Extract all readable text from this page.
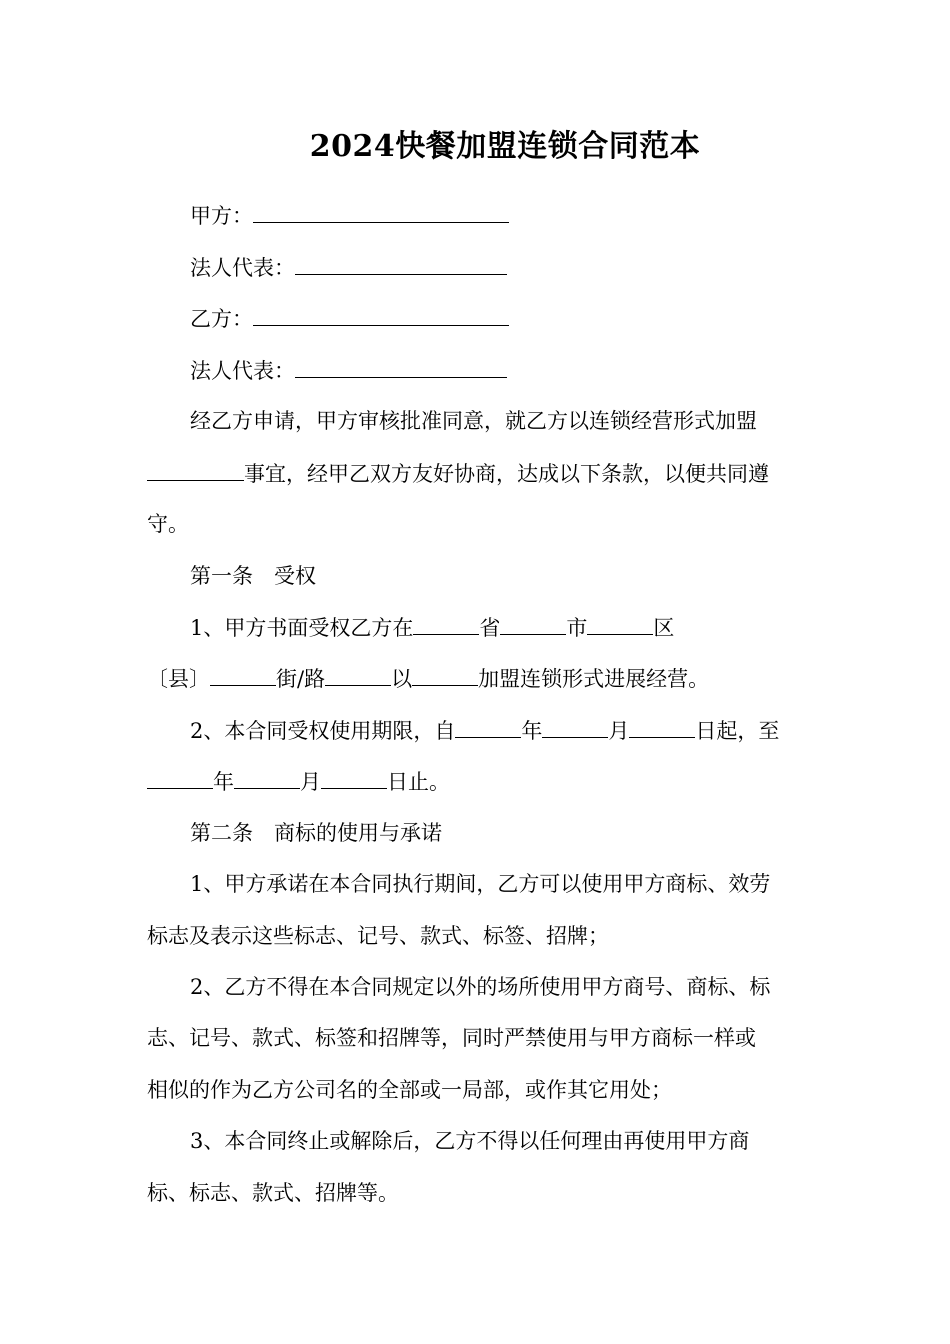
2024快餐加盟连锁合同范本

甲方：

法人代表：

乙方：

法人代表：

经乙方申请，甲方审核批准同意，就乙方以连锁经营形式加盟

事宜，经甲乙双方友好协商，达成以下条款，以便共同遵

守。

第一条　受权

1、甲方书面受权乙方在	省	市	区

〔县〕	街/路	以	加盟连锁形式进展经营。

2、本合同受权使用期限，自	年	月	日起，至

年	月	日止。

第二条　商标的使用与承诺

1、甲方承诺在本合同执行期间，乙方可以使用甲方商标、效劳

标志及表示这些标志、记号、款式、标签、招牌；

2、乙方不得在本合同规定以外的场所使用甲方商号、商标、标

志、记号、款式、标签和招牌等，同时严禁使用与甲方商标一样或

相似的作为乙方公司名的全部或一局部，或作其它用处；

3、本合同终止或解除后，乙方不得以任何理由再使用甲方商

标、标志、款式、招牌等。
